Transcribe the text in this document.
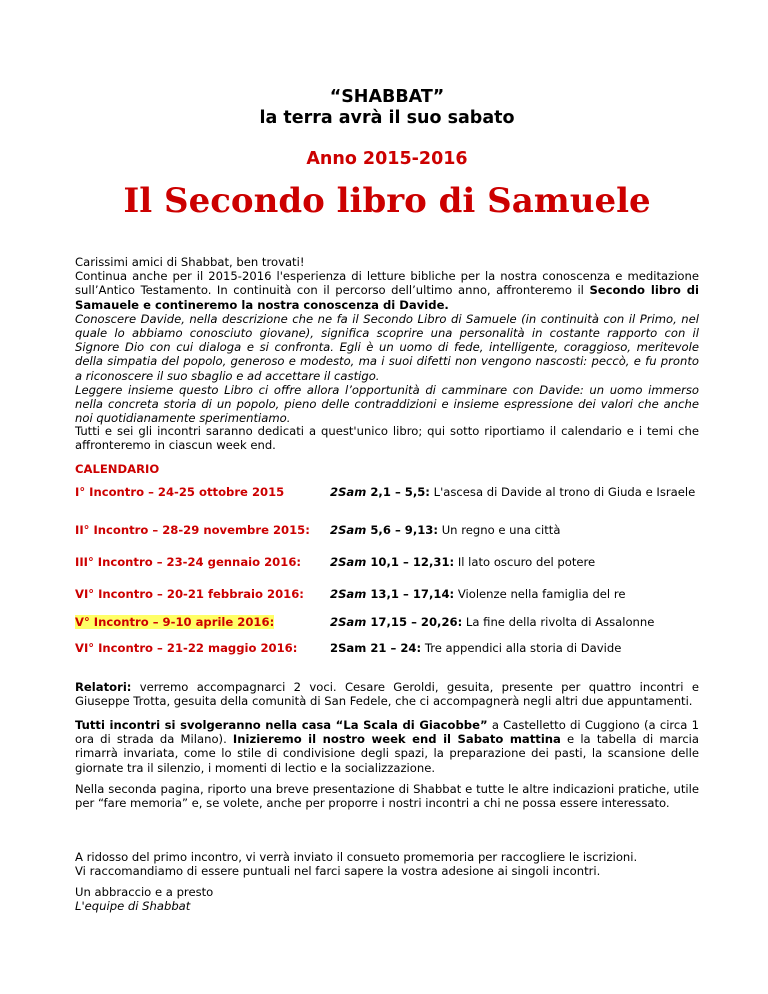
“SHABBAT”
la terra avrà il suo sabato
Anno 2015-2016
Il Secondo libro di Samuele
Carissimi amici di Shabbat, ben trovati!
Continua anche per il 2015-2016 l'esperienza di letture bibliche per la nostra conoscenza e meditazione sull’Antico Testamento. In continuità con il percorso dell’ultimo anno, affronteremo il Secondo libro di Samauele e contineremo la nostra conoscenza di Davide.
Conoscere Davide, nella descrizione che ne fa il Secondo Libro di Samuele (in continuità con il Primo, nel quale lo abbiamo conosciuto giovane), significa scoprire una personalità in costante rapporto con il Signore Dio con cui dialoga e si confronta. Egli è un uomo di fede, intelligente, coraggioso, meritevole della simpatia del popolo, generoso e modesto, ma i suoi difetti non vengono nascosti: peccò, e fu pronto a riconoscere il suo sbaglio e ad accettare il castigo.
Leggere insieme questo Libro ci offre allora l’opportunità di camminare con Davide: un uomo immerso nella concreta storia di un popolo, pieno delle contraddizioni e insieme espressione dei valori che anche noi quotidianamente sperimentiamo.
Tutti e sei gli incontri saranno dedicati a quest'unico libro; qui sotto riportiamo il calendario e i temi che affronteremo in ciascun week end.
CALENDARIO
I° Incontro – 24-25 ottobre 2015	2Sam 2,1 – 5,5: L'ascesa di Davide al trono di Giuda e Israele
II° Incontro – 28-29 novembre 2015:	2Sam 5,6 – 9,13: Un regno e una città
III° Incontro – 23-24 gennaio 2016:	2Sam 10,1 – 12,31: Il lato oscuro del potere
VI° Incontro – 20-21 febbraio 2016:	2Sam 13,1 – 17,14: Violenze nella famiglia del re
V° Incontro – 9-10 aprile 2016:	2Sam 17,15 – 20,26: La fine della rivolta di Assalonne
VI° Incontro – 21-22 maggio 2016:	2Sam 21 – 24: Tre appendici alla storia di Davide
Relatori: verremo accompagnarci 2 voci. Cesare Geroldi, gesuita, presente per quattro incontri e Giuseppe Trotta, gesuita della comunità di San Fedele, che ci accompagnerà negli altri due appuntamenti.
Tutti incontri si svolgeranno nella casa “La Scala di Giacobbe” a Castelletto di Cuggiono (a circa 1 ora di strada da Milano). Inizieremo il nostro week end il Sabato mattina e la tabella di marcia rimarrà invariata, come lo stile di condivisione degli spazi, la preparazione dei pasti, la scansione delle giornate tra il silenzio, i momenti di lectio e la socializzazione.
Nella seconda pagina, riporto una breve presentazione di Shabbat e tutte le altre indicazioni pratiche, utile per “fare memoria” e, se volete, anche per proporre i nostri incontri a chi ne possa essere interessato.
A ridosso del primo incontro, vi verrà inviato il consueto promemoria per raccogliere le iscrizioni.
Vi raccomandiamo di essere puntuali nel farci sapere la vostra adesione ai singoli incontri.
Un abbraccio e a presto
L'equipe di Shabbat
